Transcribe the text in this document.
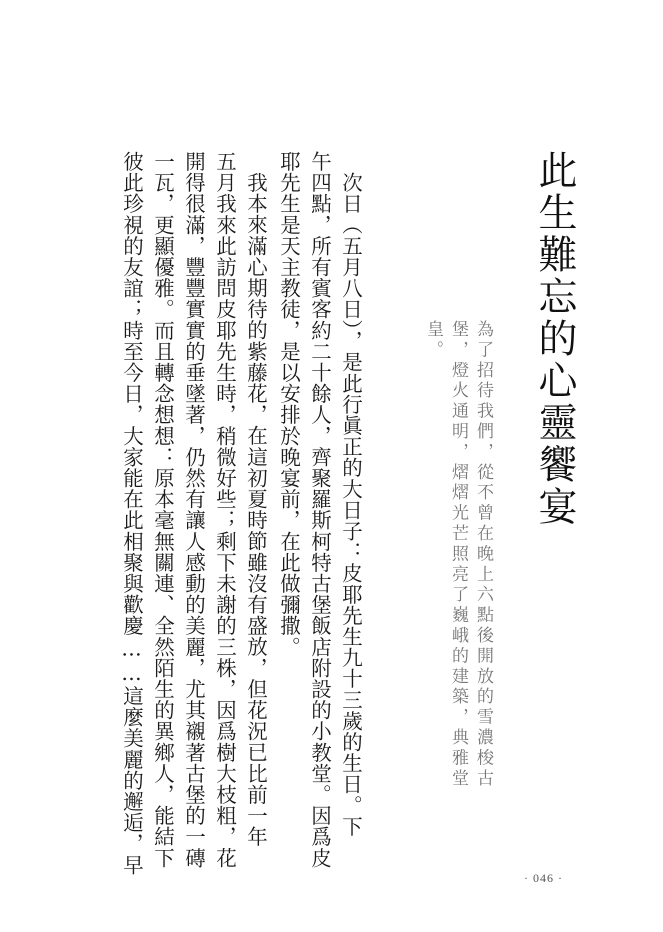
此生難忘的心靈饗宴
為了招待我們，從不曾在晚上六點後開放的雪濃梭古
堡，燈火通明，熠熠光芒照亮了巍峨的建築，典雅堂
皇。
次日（五月八日），是此行眞正的大日子：皮耶先生九十三歲的生日。下
午四點，所有賓客約二十餘人，齊聚羅斯柯特古堡飯店附設的小教堂。因爲皮
耶先生是天主教徒，是以安排於晚宴前，在此做彌撒。
我本來滿心期待的紫藤花，在這初夏時節雖沒有盛放，但花況已比前一年
五月我來此訪問皮耶先生時，稍微好些；剩下未謝的三株，因爲樹大枝粗，花
開得很滿，豐豐實實的垂墜著，仍然有讓人感動的美麗，尤其襯著古堡的一磚
一瓦，更顯優雅。而且轉念想想：原本毫無關連、全然陌生的異鄉人，能結下
彼此珍視的友誼；時至今日，大家能在此相聚與歡慶……這麼美麗的邂逅，早
· 046 ·
